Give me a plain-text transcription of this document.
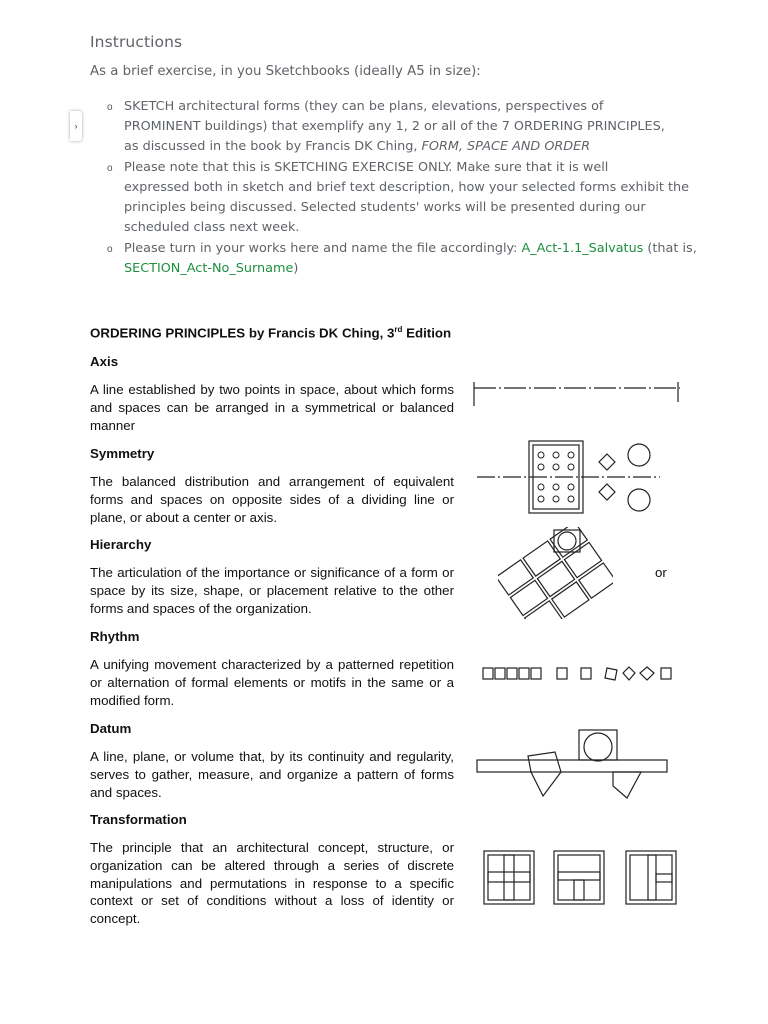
›
Instructions
As a brief exercise, in you Sketchbooks (ideally A5 in size):
o SKETCH architectural forms (they can be plans, elevations, perspectives of
PROMINENT buildings) that exemplify any 1, 2 or all of the 7 ORDERING PRINCIPLES,
as discussed in the book by Francis DK Ching, FORM, SPACE AND ORDER
o Please note that this is SKETCHING EXERCISE ONLY. Make sure that it is well
expressed both in sketch and brief text description, how your selected forms exhibit the
principles being discussed. Selected students' works will be presented during our
scheduled class next week.
o Please turn in your works here and name the file accordingly: A_Act-1.1_Salvatus (that is,
SECTION_Act-No_Surname)
ORDERING PRINCIPLES by Francis DK Ching, 3rd Edition
Axis
A line established by two points in space, about which forms and spaces can be arranged in a symmetrical or balanced manner
Symmetry
The balanced distribution and arrangement of equivalent forms and spaces on opposite sides of a dividing line or plane, or about a center or axis.
Hierarchy
The articulation of the importance or significance of a form or space by its size, shape, or placement relative to the other forms and spaces of the organization.
or
Rhythm
A unifying movement characterized by a patterned repetition or alternation of formal elements or motifs in the same or a modified form.
Datum
A line, plane, or volume that, by its continuity and regularity, serves to gather, measure, and organize a pattern of forms and spaces.
Transformation
The principle that an architectural concept, structure, or organization can be altered through a series of discrete manipulations and permutations in response to a specific context or set of conditions without a loss of identity or concept.
